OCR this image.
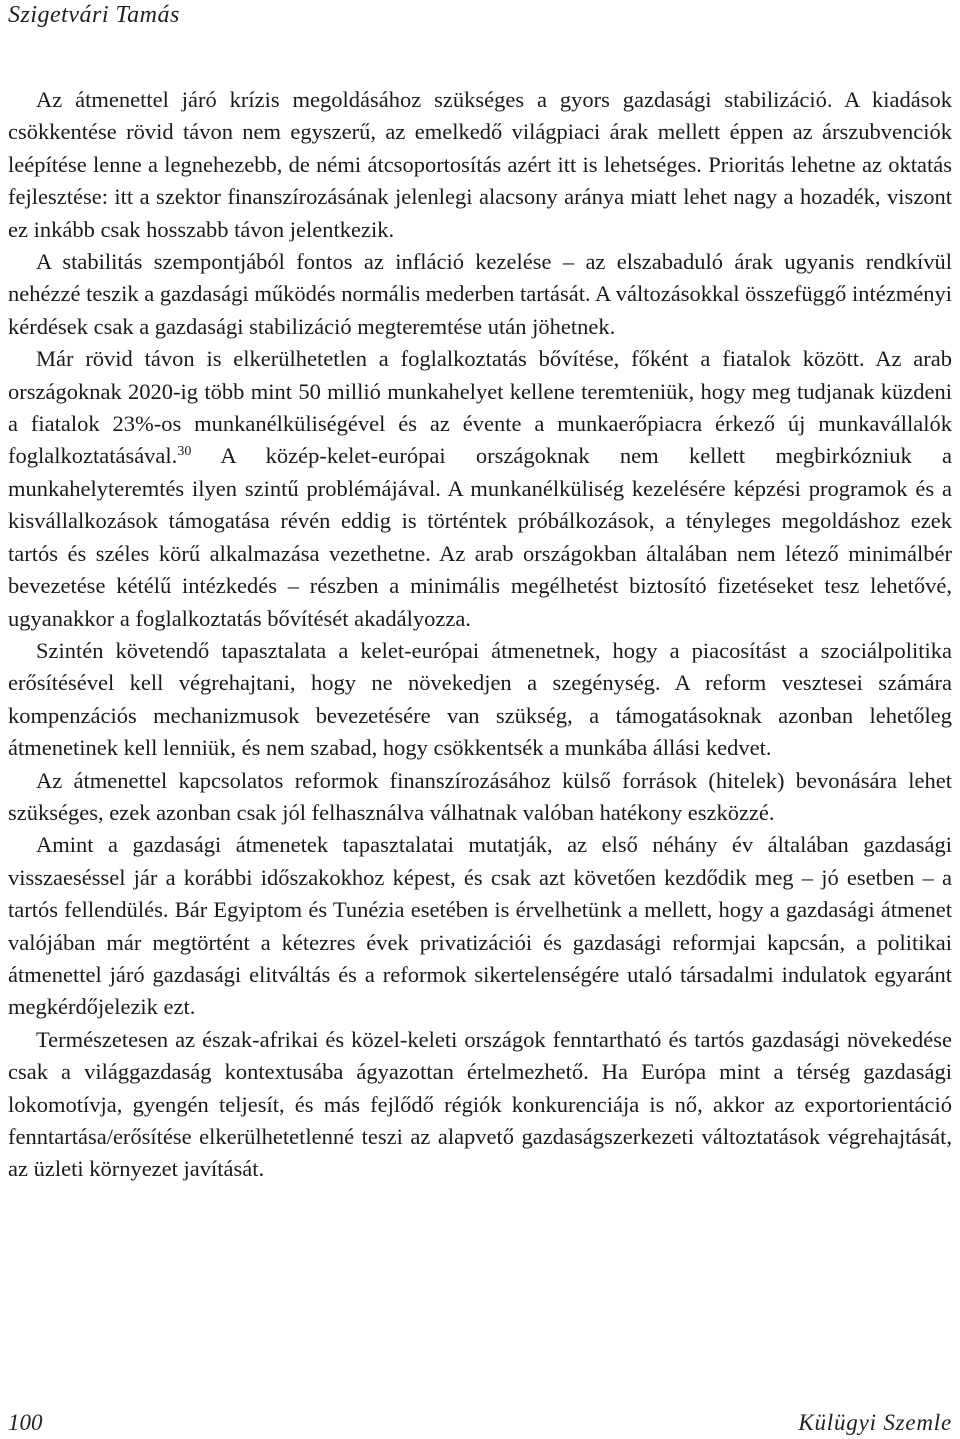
Szigetvári Tamás

Az átmenettel járó krízis megoldásához szükséges a gyors gazdasági stabilizáció. A kiadások csökkentése rövid távon nem egyszerű, az emelkedő világpiaci árak mellett éppen az árszubvenciók leépítése lenne a legnehezebb, de némi átcsoportosítás azért itt is lehetséges. Prioritás lehetne az oktatás fejlesztése: itt a szektor finanszírozásának jelenlegi alacsony aránya miatt lehet nagy a hozadék, viszont ez inkább csak hosszabb távon jelentkezik.

A stabilitás szempontjából fontos az infláció kezelése – az elszabaduló árak ugyanis rendkívül nehézzé teszik a gazdasági működés normális mederben tartását. A változásokkal összefüggő intézményi kérdések csak a gazdasági stabilizáció megteremtése után jöhetnek.

Már rövid távon is elkerülhetetlen a foglalkoztatás bővítése, főként a fiatalok között. Az arab országoknak 2020-ig több mint 50 millió munkahelyet kellene teremteniük, hogy meg tudjanak küzdeni a fiatalok 23%-os munkanélküliségével és az évente a munkaerőpiacra érkező új munkavállalók foglalkoztatásával.$^{30}$ A közép-kelet-európai országoknak nem kellett megbirkózniuk a munkahelyteremtés ilyen szintű problémájával. A munkanélküliség kezelésére képzési programok és a kisvállalkozások támogatása révén eddig is történtek próbálkozások, a tényleges megoldáshoz ezek tartós és széles körű alkalmazása vezethetne. Az arab országokban általában nem létező minimálbér bevezetése kétélű intézkedés – részben a minimális megélhetést biztosító fizetéseket tesz lehetővé, ugyanakkor a foglalkoztatás bővítését akadályozza.

Szintén követendő tapasztalata a kelet-európai átmenetnek, hogy a piacosítást a szociálpolitika erősítésével kell végrehajtani, hogy ne növekedjen a szegénység. A reform vesztesei számára kompenzációs mechanizmusok bevezetésére van szükség, a támogatásoknak azonban lehetőleg átmenetinek kell lenniük, és nem szabad, hogy csökkentsék a munkába állási kedvet.

Az átmenettel kapcsolatos reformok finanszírozásához külső források (hitelek) bevonására lehet szükséges, ezek azonban csak jól felhasználva válhatnak valóban hatékony eszközzé.

Amint a gazdasági átmenetek tapasztalatai mutatják, az első néhány év általában gazdasági visszaeséssel jár a korábbi időszakokhoz képest, és csak azt követően kezdődik meg – jó esetben – a tartós fellendülés. Bár Egyiptom és Tunézia esetében is érvelhetünk a mellett, hogy a gazdasági átmenet valójában már megtörtént a kétezres évek privatizációi és gazdasági reformjai kapcsán, a politikai átmenettel járó gazdasági elitváltás és a reformok sikertelenségére utaló társadalmi indulatok egyaránt megkérdőjelezik ezt.

Természetesen az észak-afrikai és közel-keleti országok fenntartható és tartós gazdasági növekedése csak a világgazdaság kontextusába ágyazottan értelmezhető. Ha Európa mint a térség gazdasági lokomotívja, gyengén teljesít, és más fejlődő régiók konkurenciája is nő, akkor az exportorientáció fenntartása/erősítése elkerülhetetlenné teszi az alapvető gazdaságszerkezeti változtatások végrehajtását, az üzleti környezet javítását.

100	Külügyi Szemle
